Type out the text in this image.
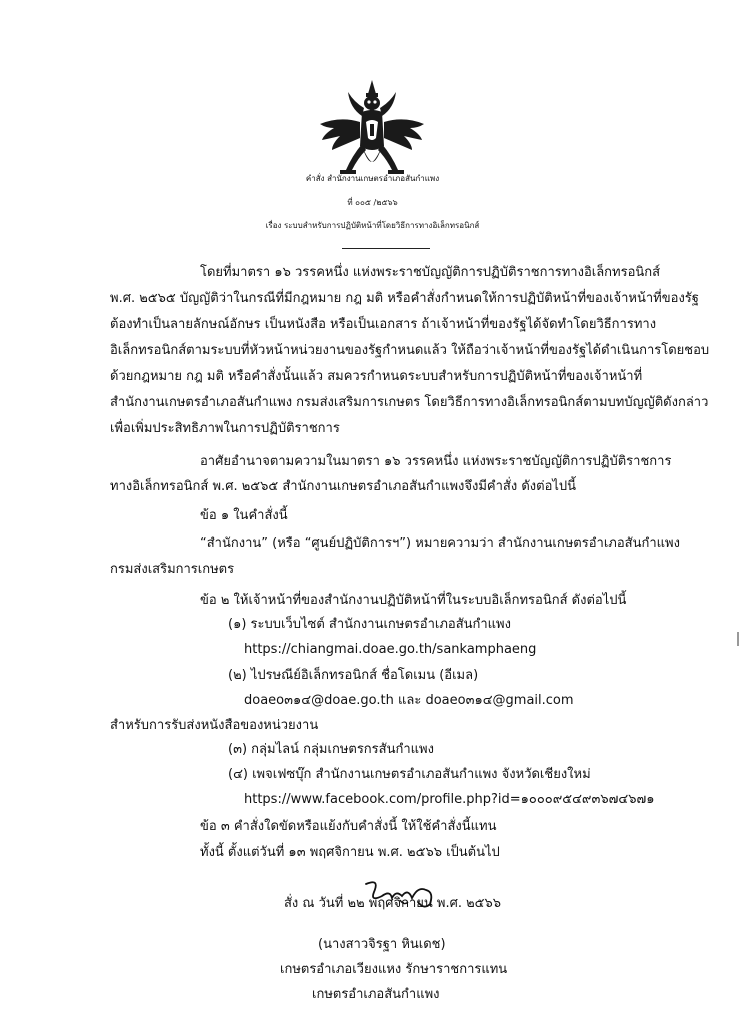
คำสั่ง สำนักงานเกษตรอำเภอสันกำแพง
ที่ ๐๐๕ /๒๕๖๖
เรื่อง ระบบสำหรับการปฏิบัติหน้าที่โดยวิธีการทางอิเล็กทรอนิกส์
โดยที่มาตรา ๑๖ วรรคหนึ่ง แห่งพระราชบัญญัติการปฏิบัติราชการทางอิเล็กทรอนิกส์
พ.ศ. ๒๕๖๕ บัญญัติว่าในกรณีที่มีกฎหมาย กฎ มติ หรือคำสั่งกำหนดให้การปฏิบัติหน้าที่ของเจ้าหน้าที่ของรัฐ
ต้องทำเป็นลายลักษณ์อักษร เป็นหนังสือ หรือเป็นเอกสาร ถ้าเจ้าหน้าที่ของรัฐได้จัดทำโดยวิธีการทาง
อิเล็กทรอนิกส์ตามระบบที่หัวหน้าหน่วยงานของรัฐกำหนดแล้ว ให้ถือว่าเจ้าหน้าที่ของรัฐได้ดำเนินการโดยชอบ
ด้วยกฎหมาย กฎ มติ หรือคำสั่งนั้นแล้ว สมควรกำหนดระบบสำหรับการปฏิบัติหน้าที่ของเจ้าหน้าที่
สำนักงานเกษตรอำเภอสันกำแพง กรมส่งเสริมการเกษตร โดยวิธีการทางอิเล็กทรอนิกส์ตามบทบัญญัติดังกล่าว
เพื่อเพิ่มประสิทธิภาพในการปฏิบัติราชการ
อาศัยอำนาจตามความในมาตรา ๑๖ วรรคหนึ่ง แห่งพระราชบัญญัติการปฏิบัติราชการ
ทางอิเล็กทรอนิกส์ พ.ศ. ๒๕๖๕ สำนักงานเกษตรอำเภอสันกำแพงจึงมีคำสั่ง ดังต่อไปนี้
ข้อ ๑ ในคำสั่งนี้
“สำนักงาน” (หรือ “ศูนย์ปฏิบัติการฯ”) หมายความว่า สำนักงานเกษตรอำเภอสันกำแพง
กรมส่งเสริมการเกษตร
ข้อ ๒ ให้เจ้าหน้าที่ของสำนักงานปฏิบัติหน้าที่ในระบบอิเล็กทรอนิกส์ ดังต่อไปนี้
(๑) ระบบเว็บไซต์ สำนักงานเกษตรอำเภอสันกำแพง
https://chiangmai.doae.go.th/sankamphaeng
(๒) ไปรษณีย์อิเล็กทรอนิกส์ ชื่อโดเมน (อีเมล)
doaeo๓๑๔@doae.go.th และ doaeo๓๑๔@gmail.com
สำหรับการรับส่งหนังสือของหน่วยงาน
(๓) กลุ่มไลน์ กลุ่มเกษตรกรสันกำแพง
(๔) เพจเฟซบุ๊ก สำนักงานเกษตรอำเภอสันกำแพง จังหวัดเชียงใหม่
https://www.facebook.com/profile.php?id=๑๐๐๐๙๕๔๙๓๖๗๔๖๗๑
ข้อ ๓ คำสั่งใดขัดหรือแย้งกับคำสั่งนี้ ให้ใช้คำสั่งนี้แทน
ทั้งนี้ ตั้งแต่วันที่ ๑๓ พฤศจิกายน พ.ศ. ๒๕๖๖ เป็นต้นไป
สั่ง ณ วันที่ ๒๒ พฤศจิกายน พ.ศ. ๒๕๖๖
(นางสาวจิรฐา หินเดช)
เกษตรอำเภอเวียงแหง รักษาราชการแทน
เกษตรอำเภอสันกำแพง
